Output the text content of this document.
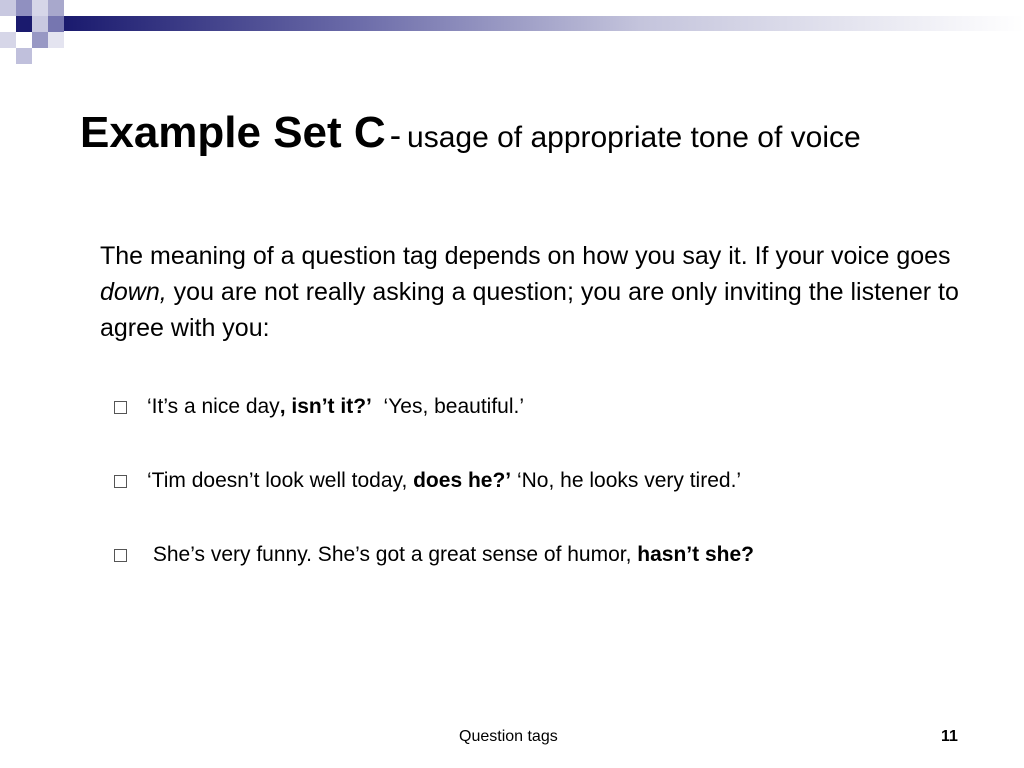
Example Set C - usage of appropriate tone of voice
The meaning of a question tag depends on how you say it. If your voice goes down, you are not really asking a question; you are only inviting the listener to agree with you:
‘It’s a nice day, isn’t it?’  ‘Yes, beautiful.’
‘Tim doesn’t look well today, does he?’ ‘No, he looks very tired.’
She’s very funny. She’s got a great sense of humor, hasn’t she?
Question tags	11
